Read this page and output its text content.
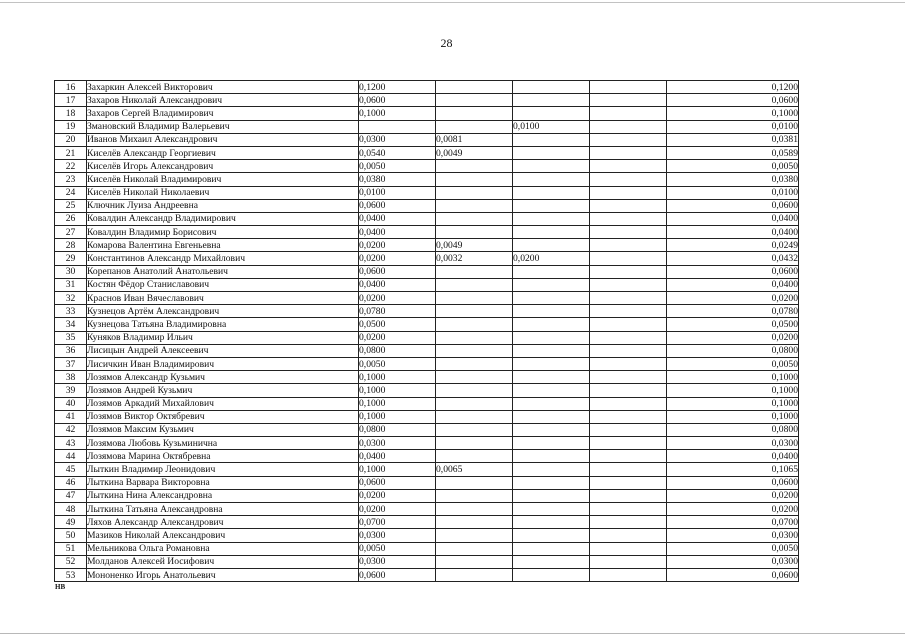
28
16	Захаркин Алексей Викторович	0,1200				0,1200
17	Захаров Николай Александрович	0,0600				0,0600
18	Захаров Сергей Владимирович	0,1000				0,1000
19	Змановский Владимир Валерьевич			0,0100		0,0100
20	Иванов Михаил Александрович	0,0300	0,0081			0,0381
21	Киселёв Александр Георгиевич	0,0540	0,0049			0,0589
22	Киселёв Игорь Александрович	0,0050				0,0050
23	Киселёв Николай Владимирович	0,0380				0,0380
24	Киселёв Николай Николаевич	0,0100				0,0100
25	Ключник Луиза Андреевна	0,0600				0,0600
26	Ковалдин Александр Владимирович	0,0400				0,0400
27	Ковалдин Владимир Борисович	0,0400				0,0400
28	Комарова Валентина Евгеньевна	0,0200	0,0049			0,0249
29	Константинов Александр Михайлович	0,0200	0,0032	0,0200		0,0432
30	Корепанов Анатолий Анатольевич	0,0600				0,0600
31	Костян Фёдор Станиславович	0,0400				0,0400
32	Краснов Иван Вячеславович	0,0200				0,0200
33	Кузнецов Артём Александрович	0,0780				0,0780
34	Кузнецова Татьяна Владимировна	0,0500				0,0500
35	Куняков Владимир Ильич	0,0200				0,0200
36	Лисицын Андрей Алексеевич	0,0800				0,0800
37	Лисичкин Иван Владимирович	0,0050				0,0050
38	Лозямов Александр Кузьмич	0,1000				0,1000
39	Лозямов Андрей Кузьмич	0,1000				0,1000
40	Лозямов Аркадий Михайлович	0,1000				0,1000
41	Лозямов Виктор Октябревич	0,1000				0,1000
42	Лозямов Максим Кузьмич	0,0800				0,0800
43	Лозямова Любовь Кузьминична	0,0300				0,0300
44	Лозямова Марина Октябревна	0,0400				0,0400
45	Лыткин Владимир Леонидович	0,1000	0,0065			0,1065
46	Лыткина Варвара Викторовна	0,0600				0,0600
47	Лыткина Нина Александровна	0,0200				0,0200
48	Лыткина Татьяна Александровна	0,0200				0,0200
49	Ляхов Александр Александрович	0,0700				0,0700
50	Мазиков Николай Александрович	0,0300				0,0300
51	Мельникова Ольга Романовна	0,0050				0,0050
52	Молданов Алексей Иосифович	0,0300				0,0300
53	Мононенко Игорь Анатольевич	0,0600				0,0600
НВ
